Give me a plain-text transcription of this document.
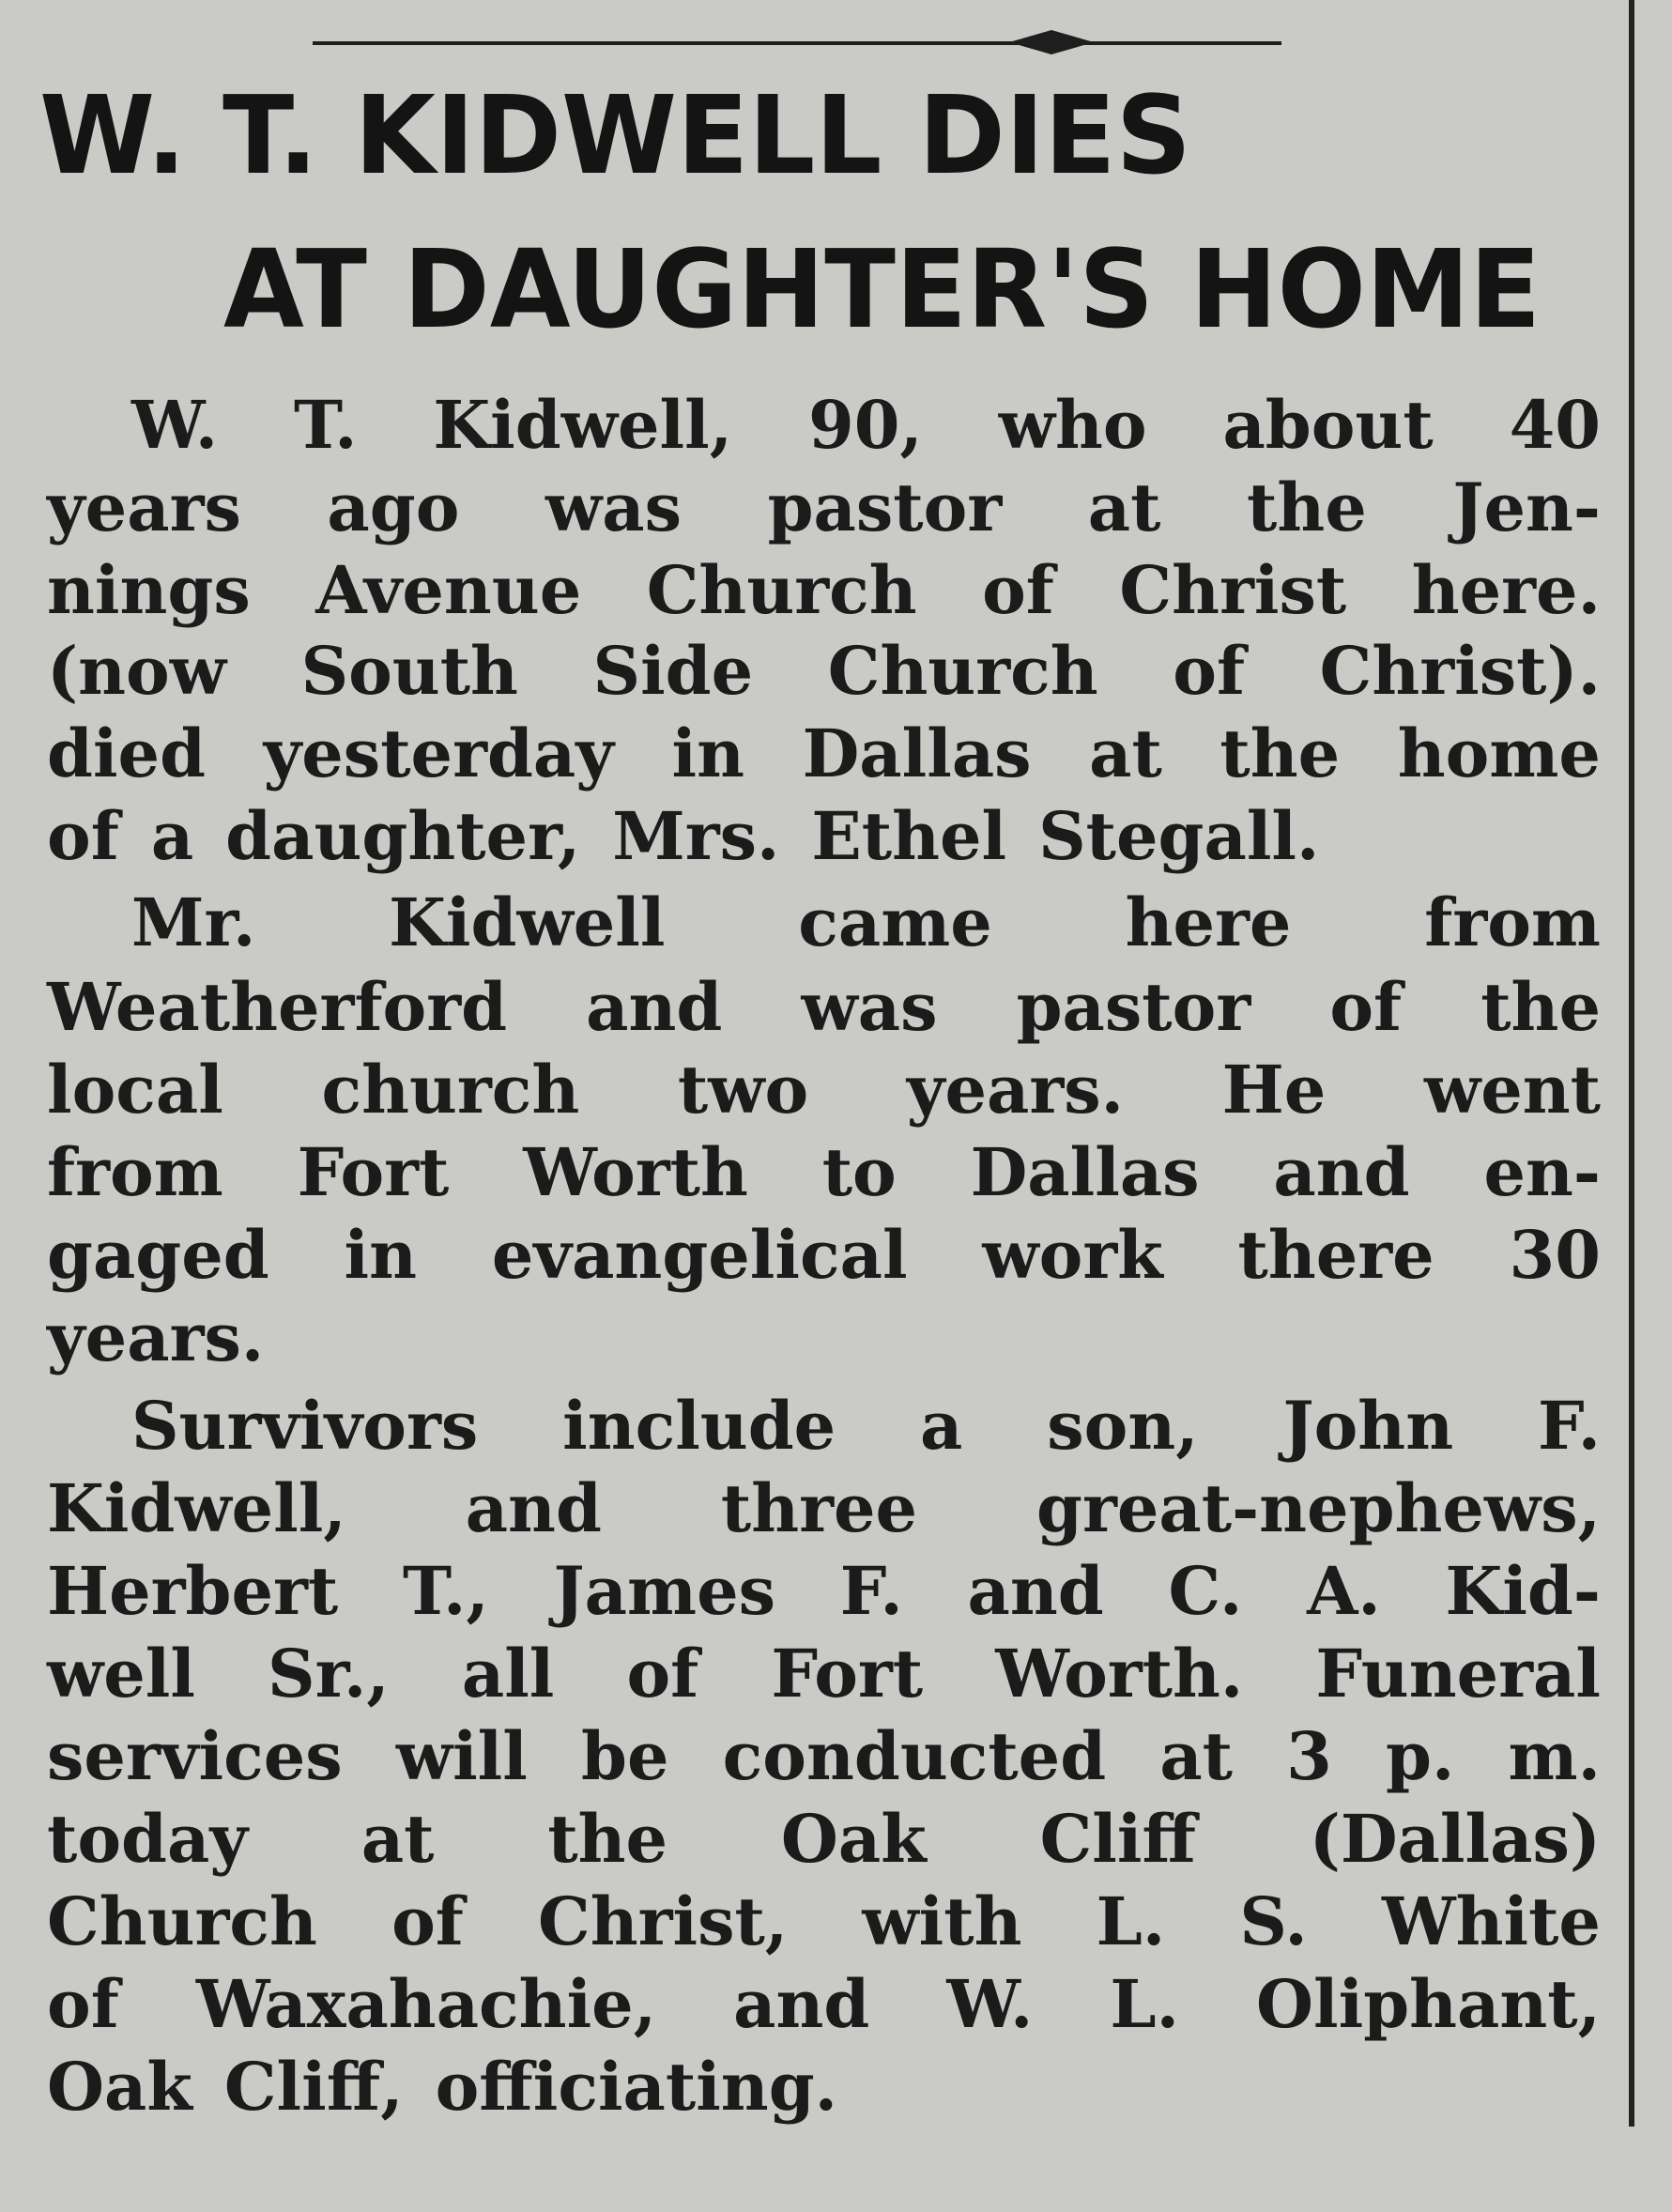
W. T. KIDWELL DIES
AT DAUGHTER'S HOME
W. T. Kidwell, 90, who about 40
years ago was pastor at the Jen-
nings Avenue Church of Christ here.
(now South Side Church of Christ).
died yesterday in Dallas at the home
of a daughter, Mrs. Ethel Stegall.
Mr. Kidwell came here from
Weatherford and was pastor of the
local church two years. He went
from Fort Worth to Dallas and en-
gaged in evangelical work there 30
years.
Survivors include a son, John F.
Kidwell, and three great-nephews,
Herbert T., James F. and C. A. Kid-
well Sr., all of Fort Worth. Funeral
services will be conducted at 3 p. m.
today at the Oak Cliff (Dallas)
Church of Christ, with L. S. White
of Waxahachie, and W. L. Oliphant,
Oak Cliff, officiating.
